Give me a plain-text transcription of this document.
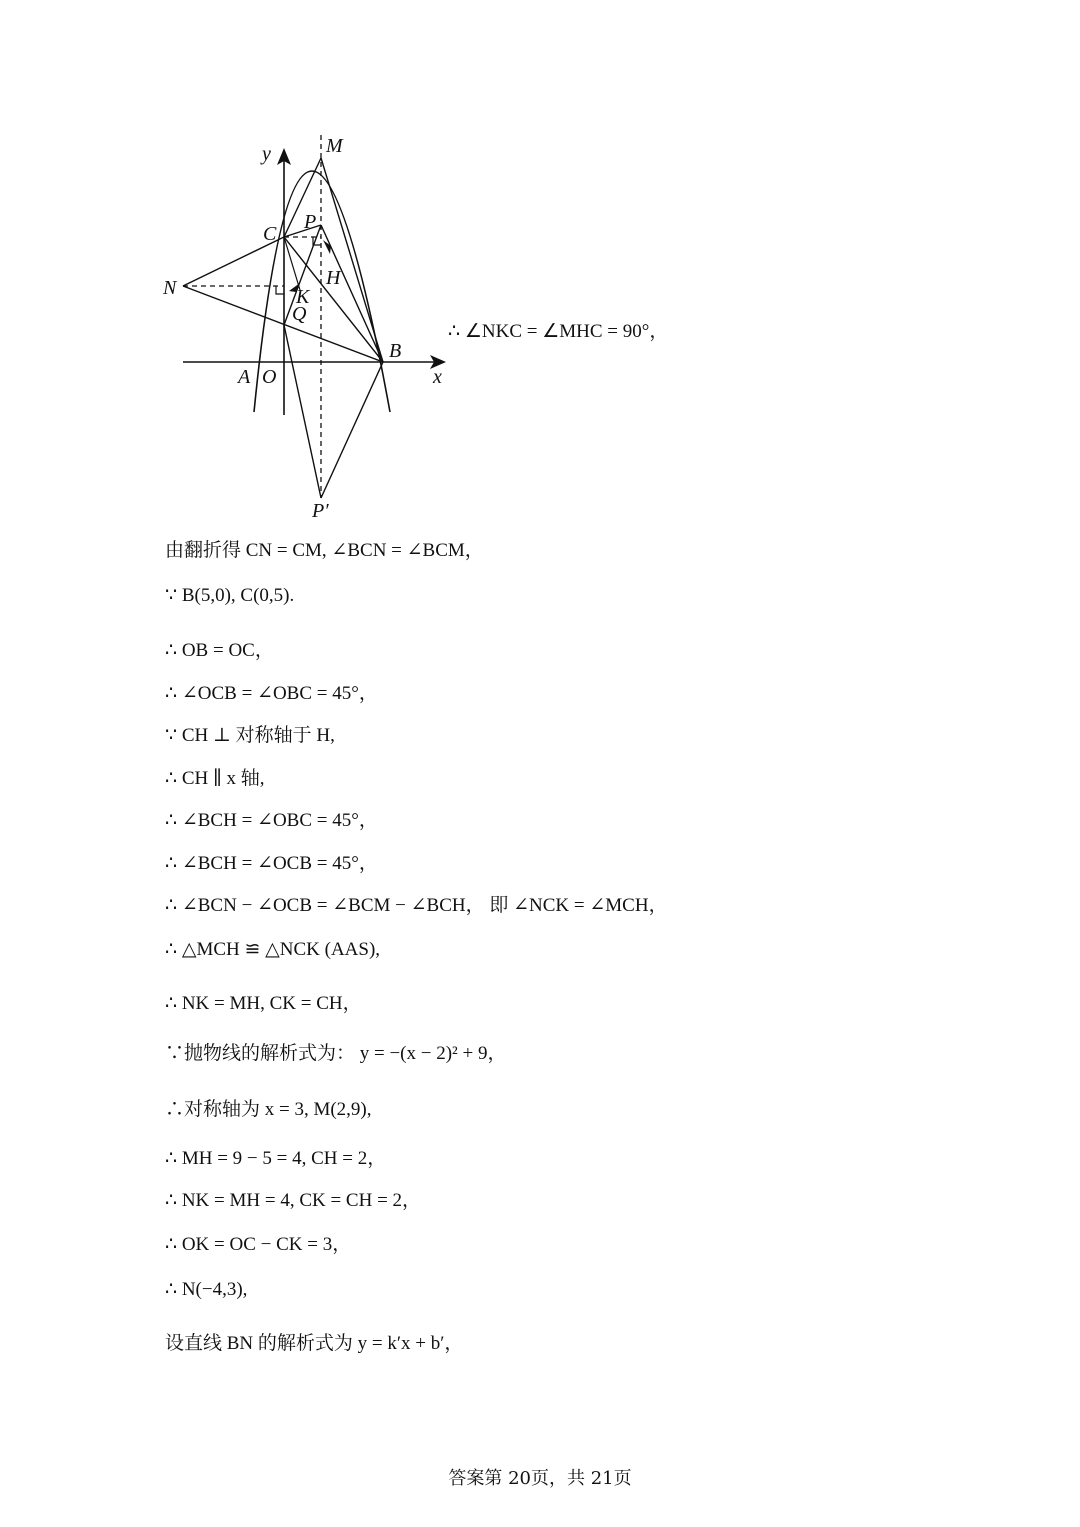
y	M
C
P
H
N	K
Q
B
A O	x
P′
∴ ∠NKC = ∠MHC = 90°，
由翻折得 CN = CM, ∠BCN = ∠BCM，
∵ B(5,0), C(0,5).
∴ OB = OC，
∴ ∠OCB = ∠OBC = 45°，
∵ CH ⊥ 对称轴于 H,
∴ CH ∥ x 轴,
∴ ∠BCH = ∠OBC = 45°，
∴ ∠BCH = ∠OCB = 45°，
∴ ∠BCN − ∠OCB = ∠BCM − ∠BCH， 即 ∠NCK = ∠MCH，
∴ △MCH ≌ △NCK (AAS),
∴ NK = MH, CK = CH，
∵抛物线的解析式为： y = −(x − 2)² + 9，
∴对称轴为 x = 3, M(2,9),
∴ MH = 9 − 5 = 4, CH = 2，
∴ NK = MH = 4, CK = CH = 2，
∴ OK = OC − CK = 3，
∴ N(−4,3),
设直线 BN 的解析式为 y = k′x + b′，
答案第 20页，共 21页
